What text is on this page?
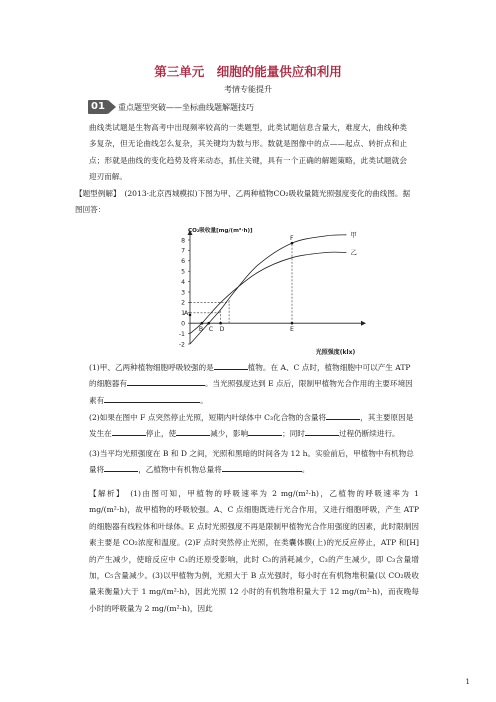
第三单元　细胞的能量供应和利用
考情专能提升
01	重点题型突破——坐标曲线题解题技巧
曲线类试题是生物高考中出现频率较高的一类题型，此类试题信息含量大，难度大，曲线种类多复杂，但无论曲线怎么复杂，其关键均为数与形。数就是图像中的点——起点、转折点和止点；形就是曲线的变化趋势及将来动态，抓住关键，具有一个正确的解题策略，此类试题就会迎刃而解。
【题型例解】　 (2013·北京西城模拟)下图为甲、乙两种植物CO₂吸收量随光照强度变化的曲线图。据图回答：
-2
-1
0
1
2
3
4
5
6
7
8
CO₂吸收量[mg/(m²·h)]
光照强度(klx)
甲
乙
A
B C D	E
F
(1)甲、乙两种植物细胞呼吸较强的是	植物。在 A、C 点时，植物细胞中可以产生 ATP 的细胞器有	。当光照强度达到 E 点后，限制甲植物光合作用的主要环境因素有	。
(2)如果在图中 F 点突然停止光照，短期内叶绿体中 C₃化合物的含量将	，其主要原因是发生在	停止，使	减少，影响	；同时	过程仍断续进行。
(3)当平均光照强度在 B 和 D 之间，光照和黑暗的时间各为 12 h。实验前后，甲植物中有机物总量将	，乙植物中有机物总量将	。
【解析】　 (1)由图可知，甲植物的呼吸速率为 2 mg/(m²·h)，乙植物的呼吸速率为 1 mg/(m²·h)，故甲植物的呼吸较强。A、C 点细胞既进行光合作用，又进行细胞呼吸，产生 ATP 的细胞器有线粒体和叶绿体。E 点时光照强度不再是限制甲植物光合作用强度的因素，此时限制因素主要是 CO₂浓度和温度。(2)F 点时突然停止光照，在类囊体膜(上)的光反应停止，ATP 和[H]的产生减少，使暗反应中 C₃的还原受影响，此时 C₃的消耗减少，C₃的产生减少，即 C₃含量增加，C₅含量减少。(3)以甲植物为例，光照大于 B 点光强时，每小时在有机物堆积量(以 CO₂吸收量来衡量)大于 1 mg/(m²·h)，因此光照 12 小时的有机物堆积量大于 12 mg/(m²·h)，而夜晚每小时的呼吸量为 2 mg/(m²·h)，因此
1
